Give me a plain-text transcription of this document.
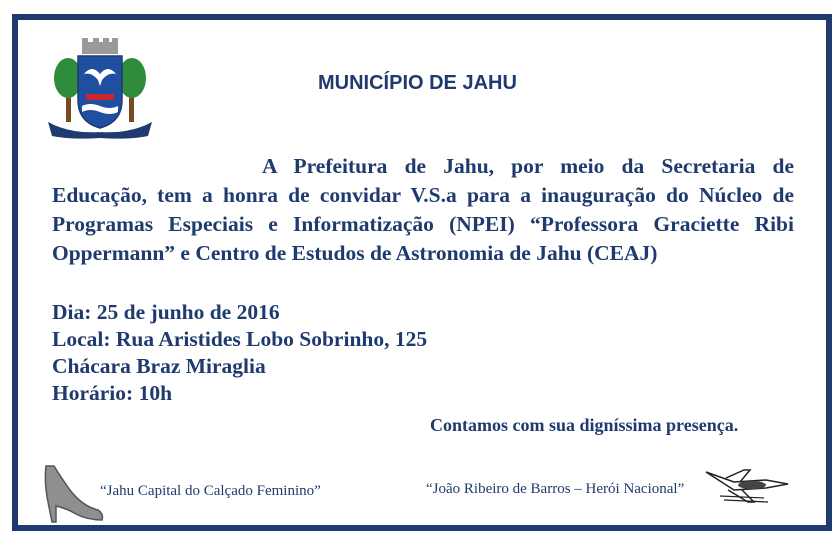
* ◦ *
MUNICÍPIO DE JAHU
A Prefeitura de Jahu, por meio da Secretaria de Educação, tem a honra de convidar V.S.a para a inauguração do Núcleo de Programas Especiais e Informatização (NPEI) “Professora Graciette Ribi Oppermann” e Centro de Estudos de Astronomia de Jahu (CEAJ)
Dia: 25 de junho de 2016
Local: Rua Aristides Lobo Sobrinho, 125
Chácara Braz Miraglia
Horário: 10h
Contamos com sua digníssima presença.
“Jahu Capital do Calçado Feminino”	“João Ribeiro de Barros – Herói Nacional”
